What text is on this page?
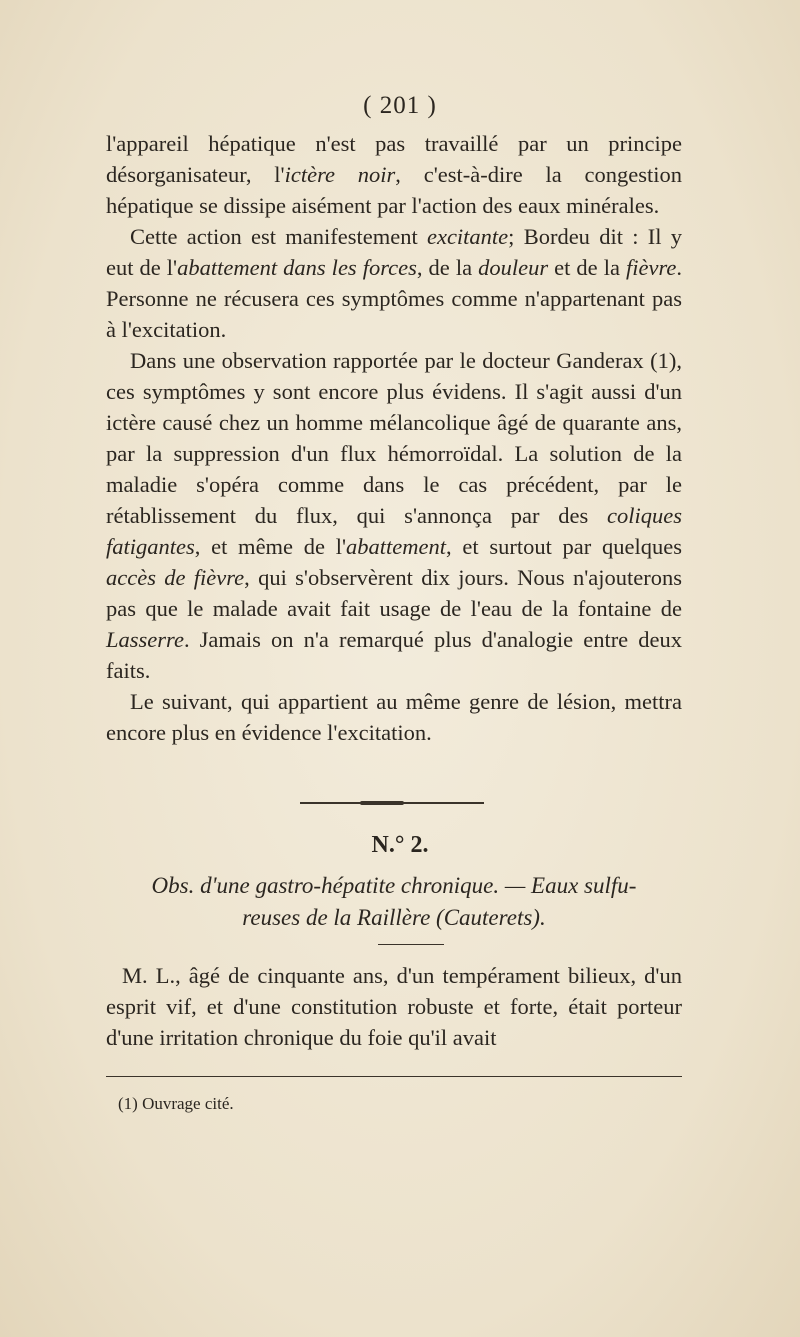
( 201 )

l'appareil hépatique n'est pas travaillé par un principe désorganisateur, l'ictère noir, c'est-à-dire la congestion hépatique se dissipe aisément par l'action des eaux minérales.

Cette action est manifestement excitante; Bordeu dit : Il y eut de l'abattement dans les forces, de la douleur et de la fièvre. Personne ne récusera ces symptômes comme n'appartenant pas à l'excitation.

Dans une observation rapportée par le docteur Ganderax (1), ces symptômes y sont encore plus évidens. Il s'agit aussi d'un ictère causé chez un homme mélancolique âgé de quarante ans, par la suppression d'un flux hémorroïdal. La solution de la maladie s'opéra comme dans le cas précédent, par le rétablissement du flux, qui s'annonça par des coliques fatigantes, et même de l'abattement, et surtout par quelques accès de fièvre, qui s'observèrent dix jours. Nous n'ajouterons pas que le malade avait fait usage de l'eau de la fontaine de Lasserre. Jamais on n'a remarqué plus d'analogie entre deux faits.

Le suivant, qui appartient au même genre de lésion, mettra encore plus en évidence l'excitation.

N.° 2.
Obs. d'une gastro-hépatite chronique. — Eaux sulfu-
reuses de la Raillère (Cauterets).

M. L., âgé de cinquante ans, d'un tempérament bilieux, d'un esprit vif, et d'une constitution robuste et forte, était porteur d'une irritation chronique du foie qu'il avait

(1) Ouvrage cité.
